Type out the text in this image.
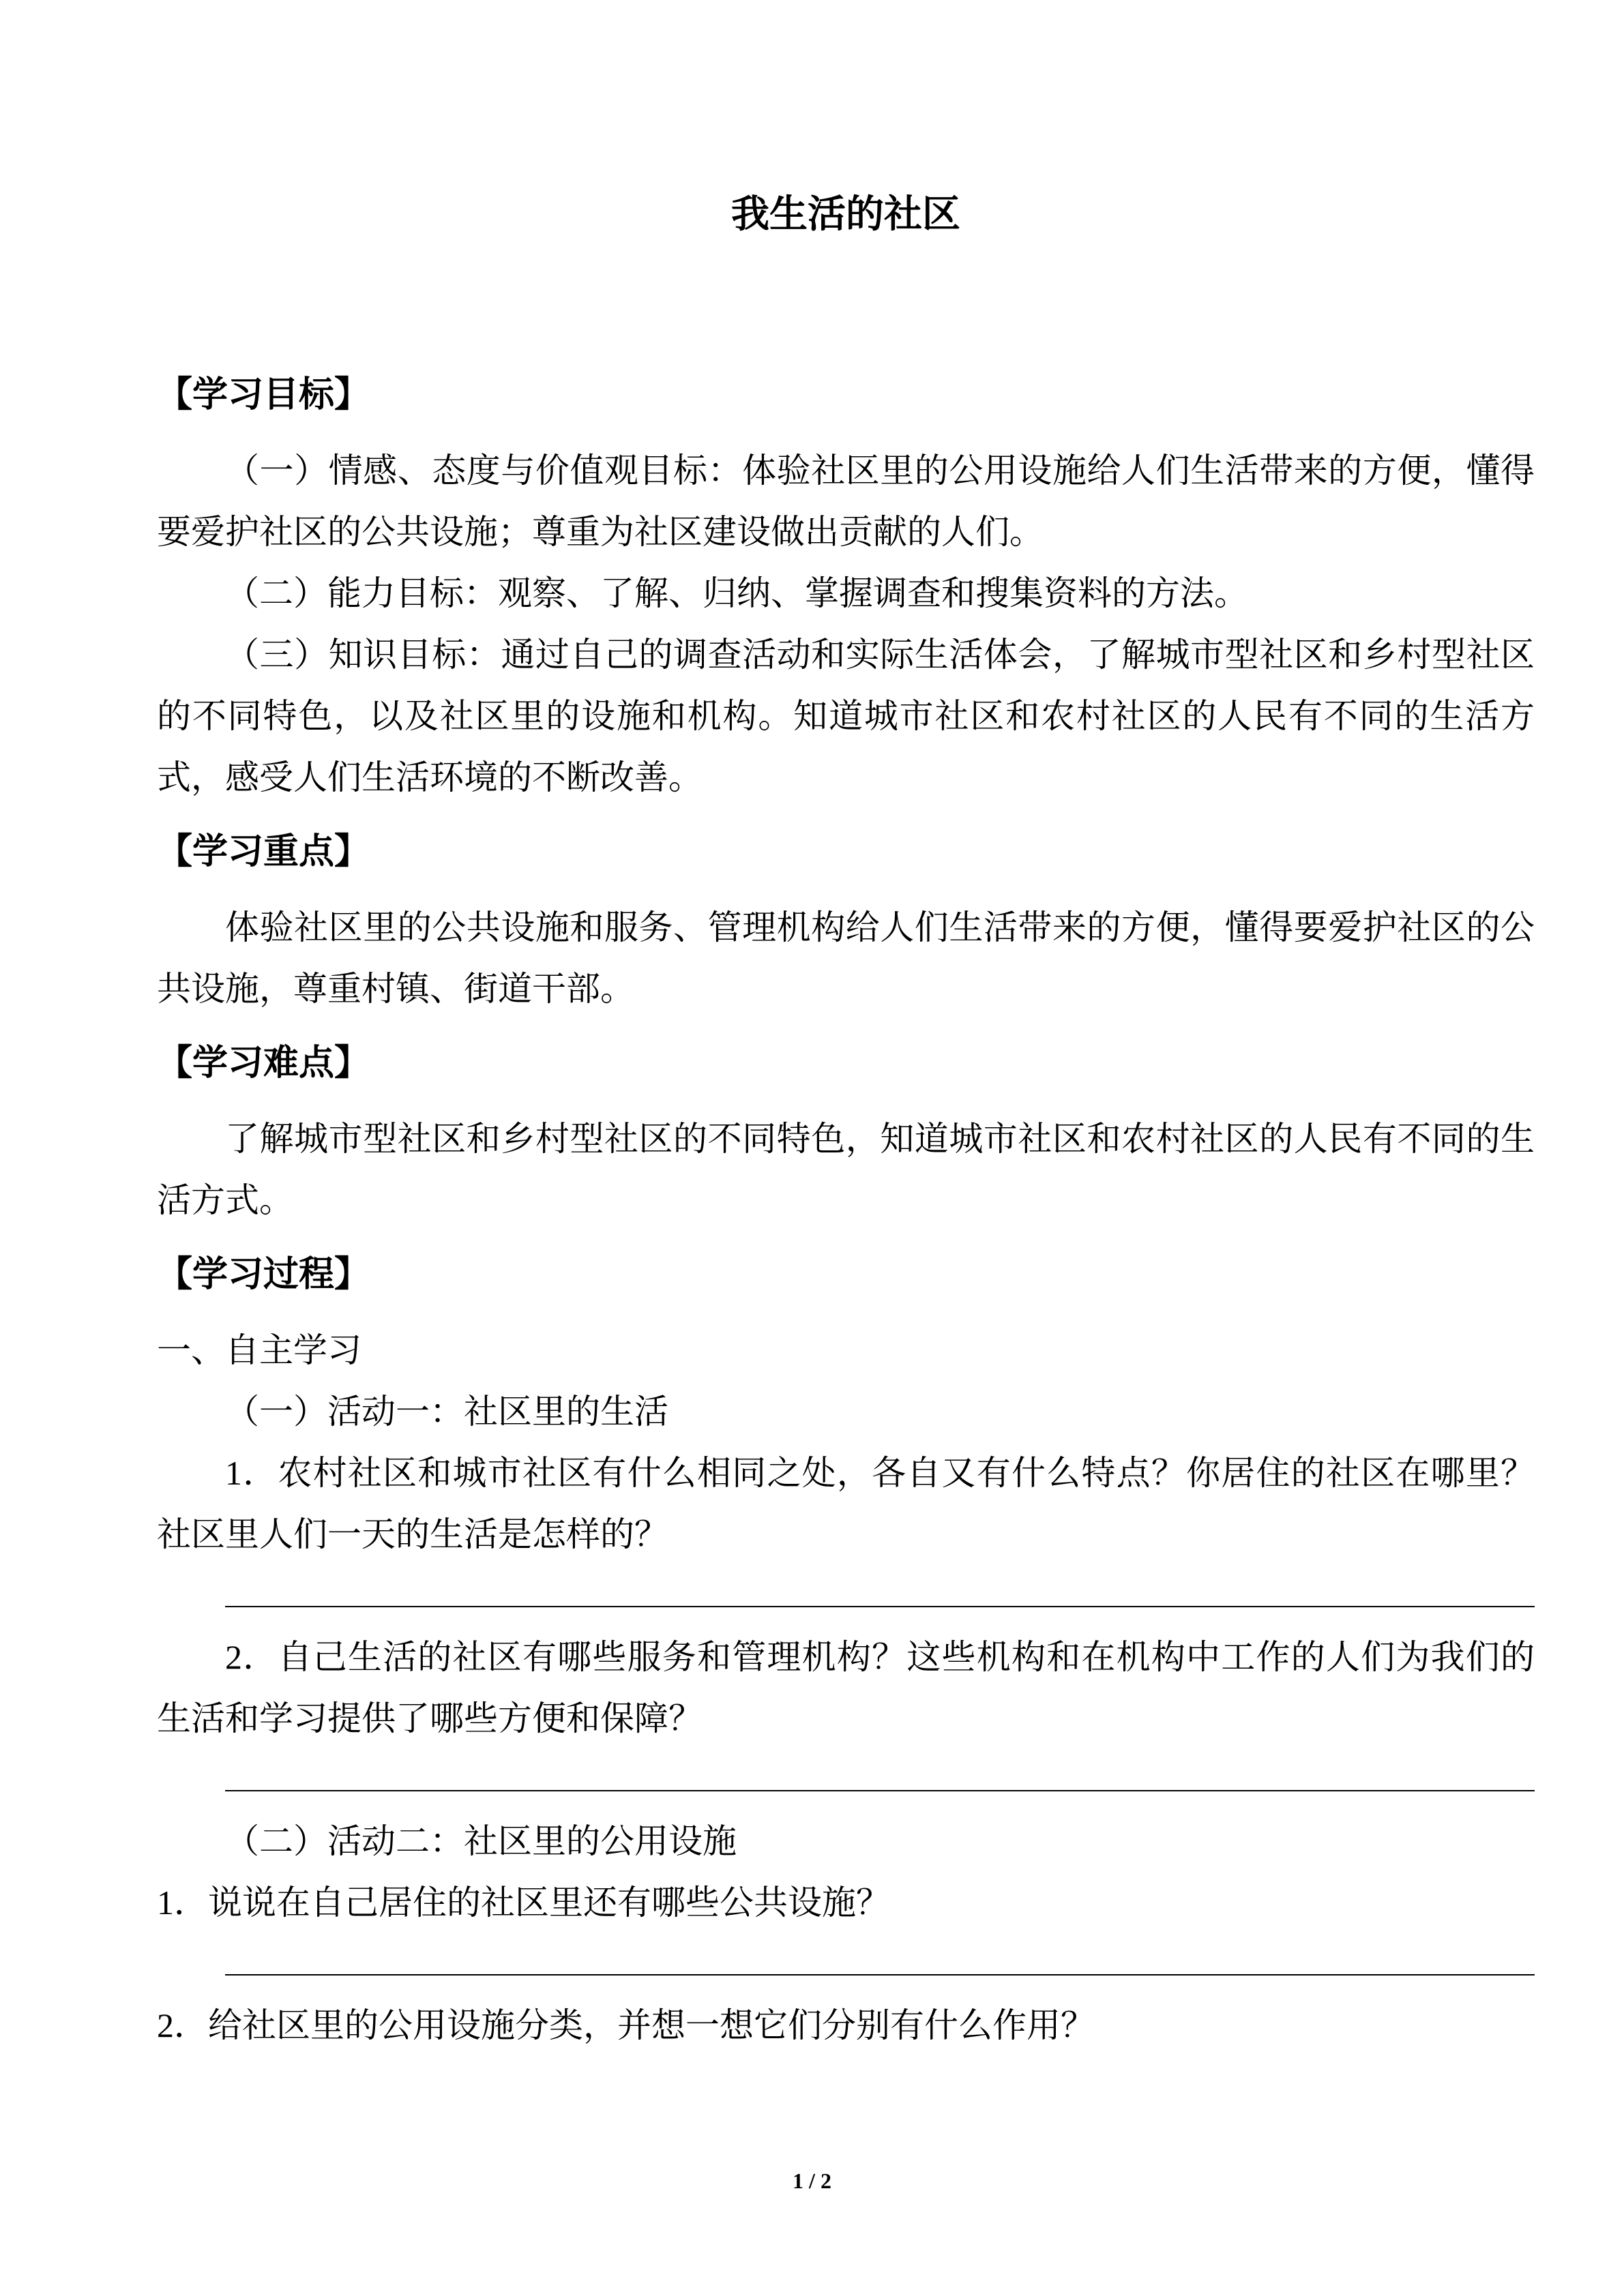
我生活的社区
【学习目标】

（一）情感、态度与价值观目标：体验社区里的公用设施给人们生活带来的方便，懂得要爱护社区的公共设施；尊重为社区建设做出贡献的人们。

（二）能力目标：观察、了解、归纳、掌握调查和搜集资料的方法。

（三）知识目标：通过自己的调查活动和实际生活体会，了解城市型社区和乡村型社区的不同特色，以及社区里的设施和机构。知道城市社区和农村社区的人民有不同的生活方式，感受人们生活环境的不断改善。

【学习重点】

体验社区里的公共设施和服务、管理机构给人们生活带来的方便，懂得要爱护社区的公共设施，尊重村镇、街道干部。

【学习难点】

了解城市型社区和乡村型社区的不同特色，知道城市社区和农村社区的人民有不同的生活方式。

【学习过程】

一、自主学习

（一）活动一：社区里的生活

1．农村社区和城市社区有什么相同之处，各自又有什么特点？你居住的社区在哪里？社区里人们一天的生活是怎样的？

2．自己生活的社区有哪些服务和管理机构？这些机构和在机构中工作的人们为我们的生活和学习提供了哪些方便和保障？

（二）活动二：社区里的公用设施

1．说说在自己居住的社区里还有哪些公共设施？

2．给社区里的公用设施分类，并想一想它们分别有什么作用？

1 / 2
